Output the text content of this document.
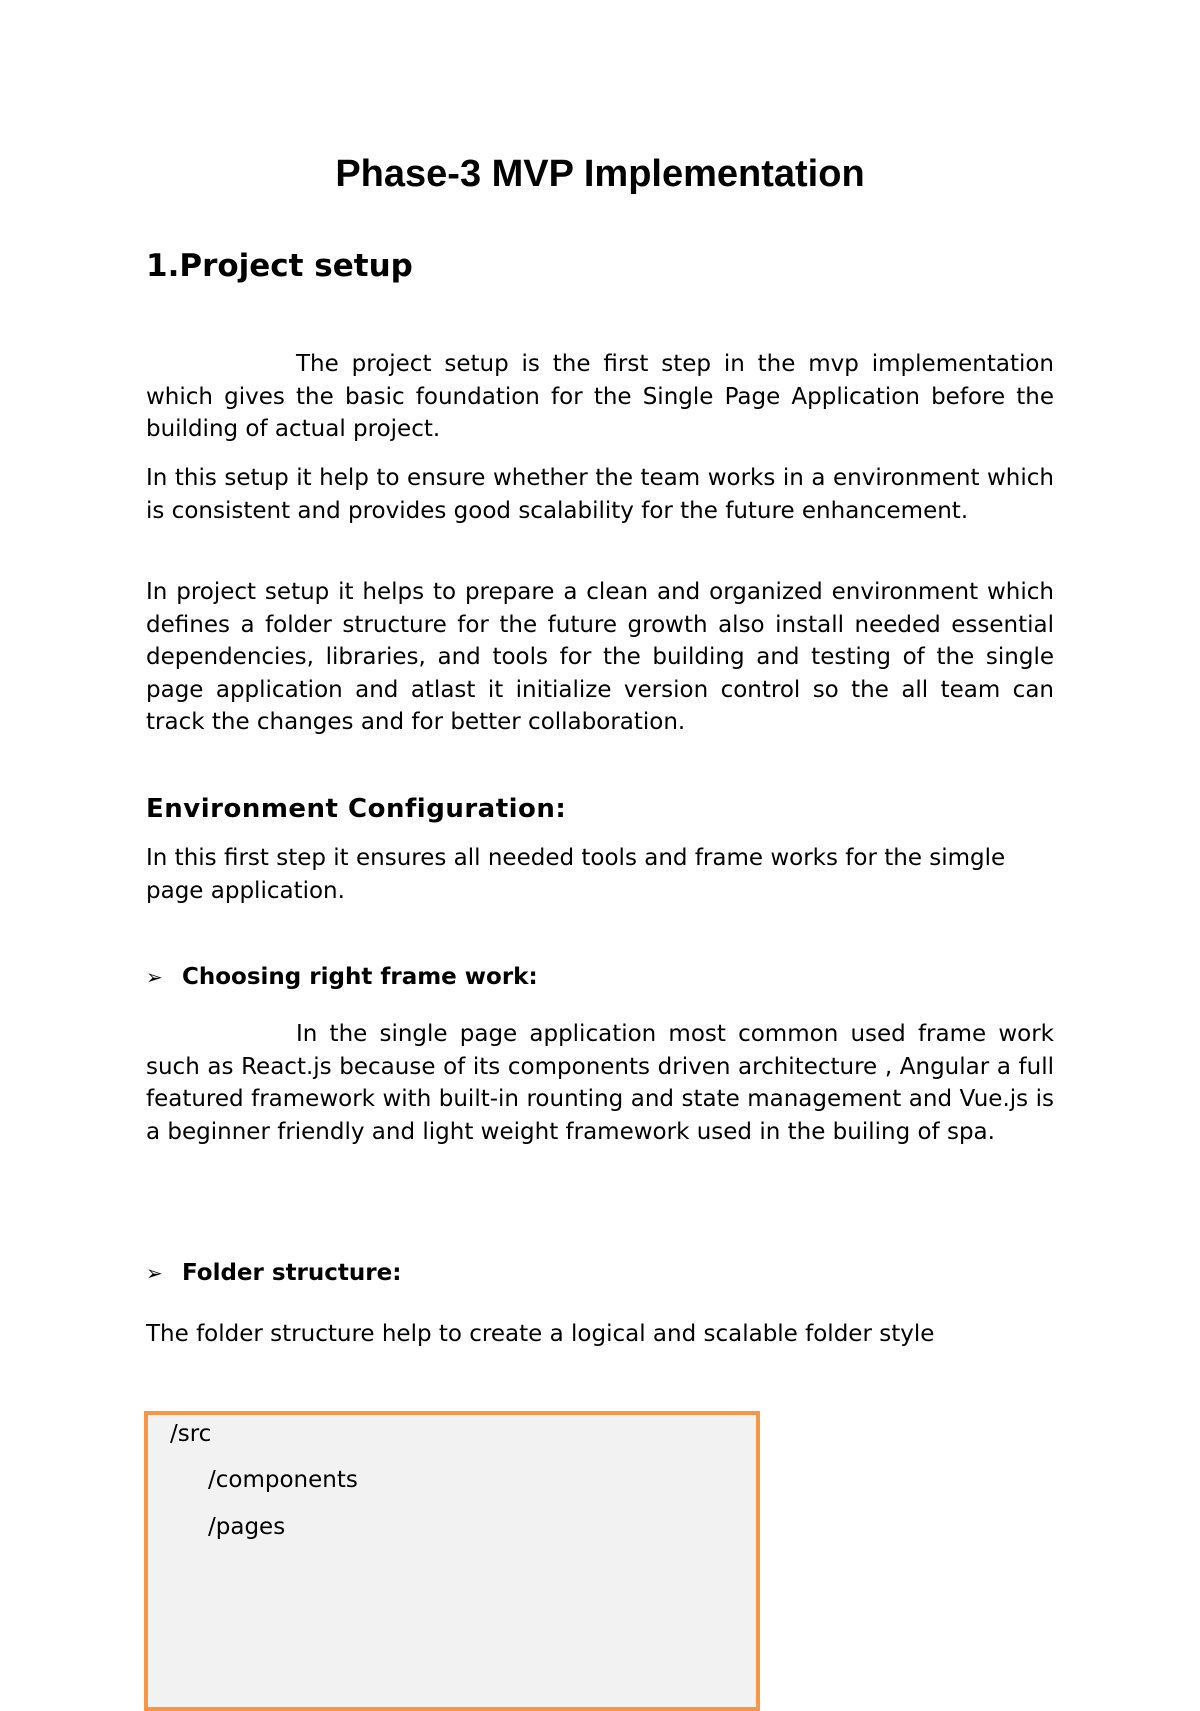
Phase-3 MVP Implementation
1.Project setup

The project setup is the first step in the mvp implementation which gives the basic foundation for the Single Page Application before the building of actual project.

In this setup it help to ensure whether the team works in a environment which is consistent and provides good scalability for the future enhancement.

In project setup it helps to prepare a clean and organized environment which defines a folder structure for the future growth also install needed essential dependencies, libraries, and tools for the building and testing of the single page application and atlast it initialize version control so the all team can track the changes and for better collaboration.

Environment Configuration:

In this first step it ensures all needed tools and frame works for the simgle page application.

➢ Choosing right frame work:

In the single page application most common used frame work such as React.js because of its components driven architecture , Angular a full featured framework with built-in rounting and state management and Vue.js is a beginner friendly and light weight framework used in the builing of spa.

➢ Folder structure:

The folder structure help to create a logical and scalable folder style

/src

/components

/pages
